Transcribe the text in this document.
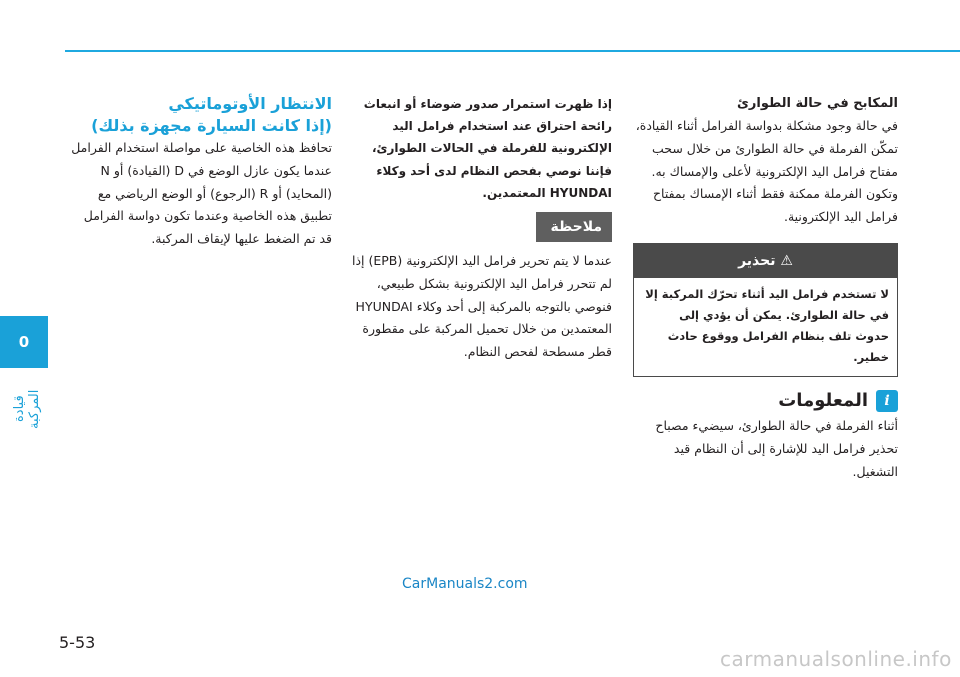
0
قيادة المركبة

المكابح في حالة الطوارئ

في حالة وجود مشكلة بدواسة الفرامل أثناء القيادة، تمكّن الفرملة في حالة الطوارئ من خلال سحب مفتاح فرامل اليد الإلكترونية لأعلى والإمساك به. وتكون الفرملة ممكنة فقط أثناء الإمساك بمفتاح فرامل اليد الإلكترونية.

⚠ تحذير
لا تستخدم فرامل اليد أثناء تحرّك المركبة إلا في حالة الطوارئ. يمكن أن يؤدي إلى حدوث تلف بنظام الفرامل ووقوع حادث خطير.
i
المعلومات

أثناء الفرملة في حالة الطوارئ، سيضيء مصباح تحذير فرامل اليد للإشارة إلى أن النظام قيد التشغيل.

إذا ظهرت استمرار صدور ضوضاء أو انبعاث رائحة احتراق عند استخدام فرامل اليد الإلكترونية للفرملة في الحالات الطوارئ، فإننا نوصي بفحص النظام لدى أحد وكلاء HYUNDAI المعتمدين.

ملاحظة

عندما لا يتم تحرير فرامل اليد الإلكترونية (EPB) إذا لم تتحرر فرامل اليد الإلكترونية بشكل طبيعي، فنوصي بالتوجه بالمركبة إلى أحد وكلاء HYUNDAI المعتمدين من خلال تحميل المركبة على مقطورة قطر مسطحة لفحص النظام.

الانتظار الأوتوماتيكي

(إذا كانت السيارة مجهزة بذلك)

تحافظ هذه الخاصية على مواصلة استخدام الفرامل عندما يكون عازل الوضع في D (القيادة) أو N (المحايد) أو R (الرجوع) أو الوضع الرياضي مع تطبيق هذه الخاصية وعندما تكون دواسة الفرامل قد تم الضغط عليها لإيقاف المركبة.

CarManuals2.com
5-53
carmanualsonline.info
